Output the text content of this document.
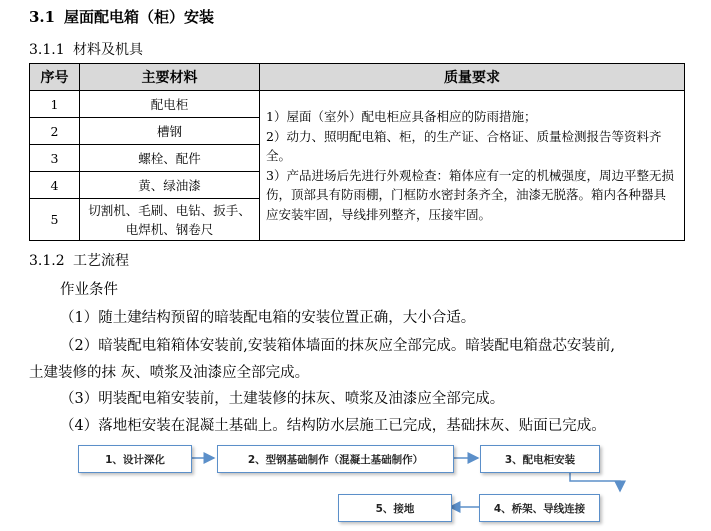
3.1 屋面配电箱（柜）安装
3.1.1 材料及机具
序号	主要材料	质量要求
1	配电柜	1）屋面（室外）配电柜应具备相应的防雨措施；

2）动力、照明配电箱、柜，的生产证、合格证、质量检测报告等资料齐全。

3）产品进场后先进行外观检查：箱体应有一定的机械强度，周边平整无损伤，顶部具有防雨棚，门框防水密封条齐全，油漆无脱落。箱内各种器具应安装牢固，导线排列整齐，压接牢固。

2	槽钢	
3	螺栓、配件	
4	黄、绿油漆	
5	切割机、毛刷、电钻、扳手、
电焊机、钢卷尺	
3.1.2 工艺流程
作业条件
（1）随土建结构预留的暗装配电箱的安装位置正确，大小合适。
（2）暗装配电箱箱体安装前,安装箱体墙面的抹灰应全部完成。暗装配电箱盘芯安装前,
土建装修的抹 灰、喷浆及油漆应全部完成。
（3）明装配电箱安装前，土建装修的抹灰、喷浆及油漆应全部完成。
（4）落地柜安装在混凝土基础上。结构防水层施工已完成，基础抹灰、贴面已完成。
1、设计深化	2、型钢基础制作（混凝土基础制作）	3、配电柜安装
4、桥架、导线连接
5、接地
